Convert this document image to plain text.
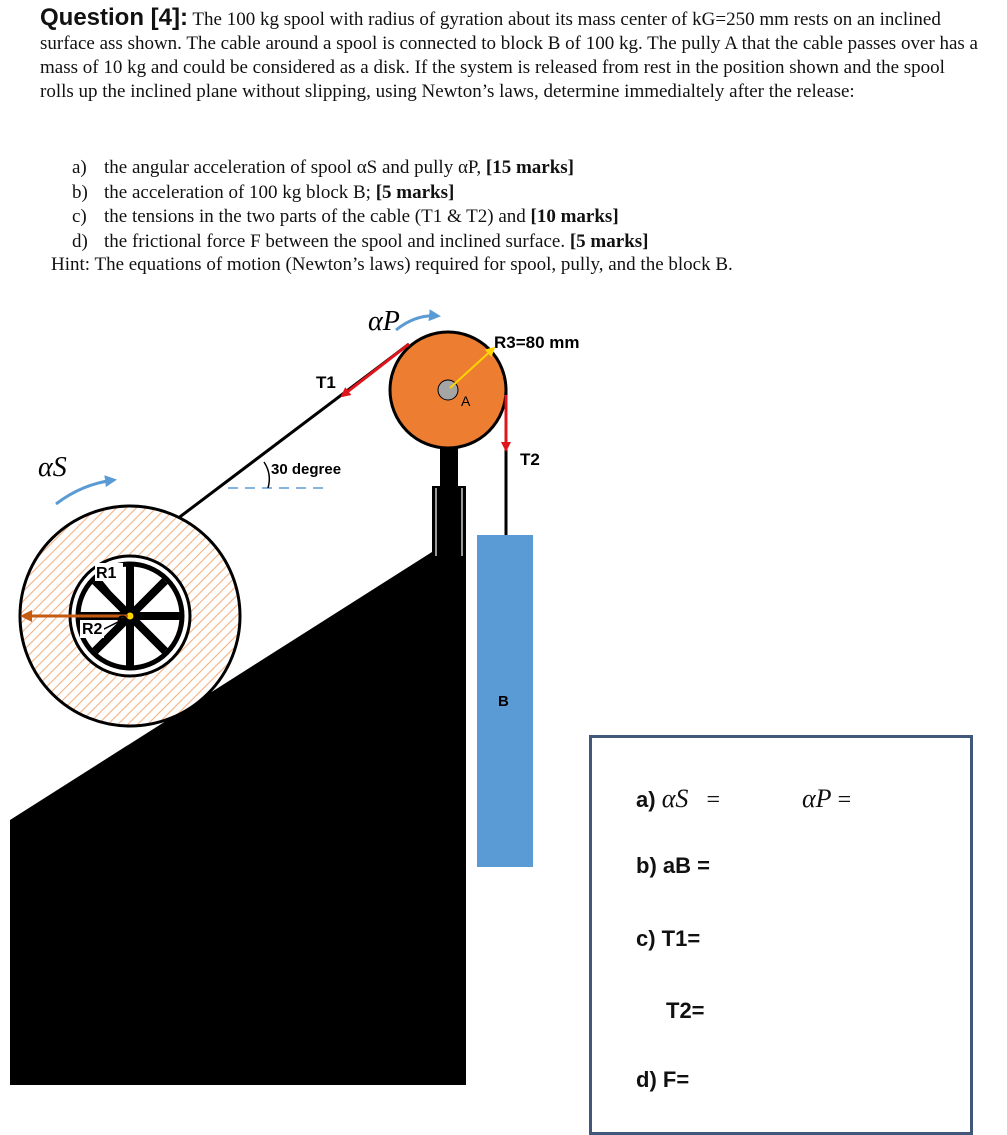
Question [4]: The 100 kg spool with radius of gyration about its mass center of kG=250 mm rests on an inclined surface ass shown. The cable around a spool is connected to block B of 100 kg. The pully A that the cable passes over has a mass of 10 kg and could be considered as a disk. If the system is released from rest in the position shown and the spool rolls up the inclined plane without slipping, using Newton’s laws, determine immedialtely after the release:
a) the angular acceleration of spool αS and pully αP, [15 marks]
b) the acceleration of 100 kg block B; [5 marks]
c) the tensions in the two parts of the cable (T1 & T2) and [10 marks]
d) the frictional force F between the spool and inclined surface. [5 marks]
Hint: The equations of motion (Newton’s laws) required for spool, pully, and the block B.
R1
R2
G
A
B
αP
αS
R3=80 mm
T1
T2
30 degree
30 degree	a) αS =	αP =
b) aB =
c) T1=
T2=
d) F=
